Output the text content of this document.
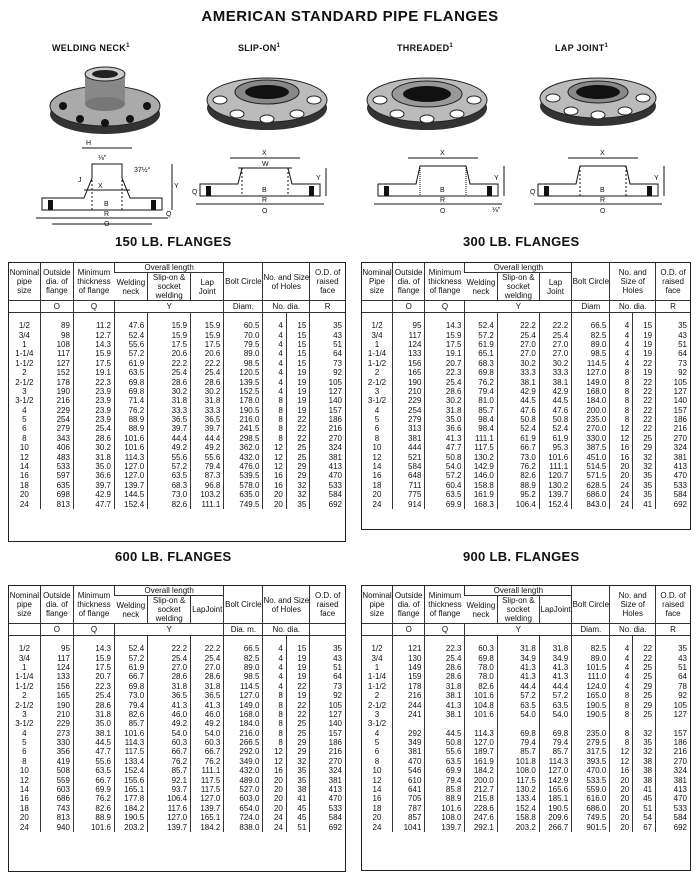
AMERICAN STANDARD PIPE FLANGES
WELDING NECK$^1$	SLIP-$ON^1$	THREADED$^1$	LAP JOINT$^1$
H
⅛"
37½°
Y
X
J
B
R
O
Q
X
W
Y
B
R
O
Q
X
Y
B
R
O	⅛"
X
Y
B
R
O
Q
150 LB. FLANGES	300 LB. FLANGES
600 LB. FLANGES	900 LB. FLANGES
Nominal pipe size	Outside dia. of flange	Minimum thickness of flange	Overall length			Bolt Circle	No. and Size of Holes		O.D. of raised face
			Welding neck	Slip-on & socket welding	Lap Joint				
	O	Q	Y			Diam.	No. dia.		R
1/2	89	11.2	47.6	15.9	15.9	60.5	4	15	35
3/4	98	12.7	52.4	15.9	15.9	70.0	4	15	43
1	108	14.3	55.6	17.5	17.5	79.5	4	15	51
1-1/4	117	15.9	57.2	20.6	20.6	89.0	4	15	64
1-1/2	127	17.5	61.9	22.2	22.2	98.5	4	15	73
2	152	19.1	63.5	25.4	25.4	120.5	4	19	92
2-1/2	178	22.3	69.8	28.6	28.6	139.5	4	19	105
3	190	23.9	69.8	30.2	30.2	152.5	4	19	127
3-1/2	216	23.9	71.4	31.8	31.8	178.0	8	19	140
4	229	23.9	76.2	33.3	33.3	190.5	8	19	157
5	254	23.9	88.9	36.5	36.5	216.0	8	22	186
6	279	25.4	88.9	39.7	39.7	241.5	8	22	216
8	343	28.6	101.6	44.4	44.4	298.5	8	22	270
10	406	30.2	101.6	49.2	49.2	362.0	12	25	324
12	483	31.8	114.3	55.6	55.6	432.0	12	25	381
14	533	35.0	127.0	57.2	79.4	476.0	12	29	413
16	597	36.6	127.0	63.5	87.3	539.5	16	29	470
18	635	39.7	139.7	68.3	96.8	578.0	16	32	533
20	698	42.9	144.5	73.0	103.2	635.0	20	32	584
24	813	47.7	152.4	82.6	111.1	749.5	20	35	692
Nominal Pipe size	Outside dia. of flange	Minimum thickness of flange	Overall length			Bolt Circle	No. and Size of Holes		O.D. of raised face
			Welding neck	Slip-on & socket welding	Lap Joint				
	O	Q	Y			Diam	No. dia.		R
1/2	95	14.3	52.4	22.2	22.2	66.5	4	15	35
3/4	117	15.9	57.2	25.4	25.4	82.5	4	19	43
1	124	17.5	61.9	27.0	27.0	89.0	4	19	51
1-1/4	133	19.1	65.1	27.0	27.0	98.5	4	19	64
1-1/2	156	20.7	68.3	30.2	30.2	114.5	4	22	73
2	165	22.3	69.8	33.3	33.3	127.0	8	19	92
2-1/2	190	25.4	76.2	38.1	38.1	149.0	8	22	105
3	210	28.6	79.4	42.9	42.9	168.0	8	22	127
3-1/2	229	30.2	81.0	44.5	44.5	184.0	8	22	140
4	254	31.8	85.7	47.6	47.6	200.0	8	22	157
5	279	35.0	98.4	50.8	50.8	235.0	8	22	186
6	313	36.6	98.4	52.4	52.4	270.0	12	22	216
8	381	41.3	111.1	61.9	61.9	330.0	12	25	270
10	444	47.7	117.5	66.7	95.3	387.5	16	29	324
12	521	50.8	130.2	73.0	101.6	451.0	16	32	381
14	584	54.0	142.9	76.2	111.1	514.5	20	32	413
16	648	57.2	146.0	82.6	120.7	571.5	20	35	470
18	711	60.4	158.8	88.9	130.2	628.5	24	35	533
20	775	63.5	161.9	95.2	139.7	686.0	24	35	584
24	914	69.9	168.3	106.4	152.4	843.0	24	41	692
Nominal pipe size	Outside dia. of flange	Minimum thickness of flange	Overall length			Bolt Circle	No. and Size of Holes		O.D. of raised face
			Welding neck	Slip-on & socket welding	LapJoint				
	O	Q	Y			Dia. m.	No. dia.		
1/2	95	14.3	52.4	22.2	22.2	66.5	4	15	35
3/4	117	15.9	57.2	25.4	25.4	82.5	4	19	43
1	124	17.5	61.9	27.0	27.0	89.0	4	19	51
1-1/4	133	20.7	66.7	28.6	28.6	98.5	4	19	64
1-1/2	156	22.3	69.8	31.8	31.8	114.5	4	22	73
2	165	25.4	73.0	36.5	36.5	127.0	8	19	92
2-1/2	190	28.6	79.4	41.3	41.3	149.0	8	22	105
3	210	31.8	82.6	46.0	46.0	168.0	8	22	127
3-1/2	229	35.0	85.7	49.2	49.2	184.0	8	25	140
4	273	38.1	101.6	54.0	54.0	216.0	8	25	157
5	330	44.5	114.3	60.3	60.3	266.5	8	29	186
6	356	47.7	117.5	66.7	66.7	292.0	12	29	216
8	419	55.6	133.4	76.2	76.2	349.0	12	32	270
10	508	63.5	152.4	85.7	111.1	432.0	16	35	324
12	559	66.7	155.6	92.1	117.5	489.0	20	35	381
14	603	69.9	165.1	93.7	117.5	527.0	20	38	413
16	686	76.2	177.8	106.4	127.0	603.0	20	41	470
18	743	82.6	184.2	117.6	139.7	654.0	20	45	533
20	813	88.9	190.5	127.0	165.1	724.0	24	45	584
24	940	101.6	203.2	139.7	184.2	838.0	24	51	692
Nominal pipe size	Outside dia. of flange	Minimum thickness of flange	Overall length			Bolt Circle	No. and Size of Holes		O.D. of raised face
			Welding neck	Slip-on & socket welding	LapJoint				
	O	Q	Y			Diam.	No. dia.		R
1/2	121	22.3	60.3	31.8	31.8	82.5	4	22	35
3/4	130	25.4	69.8	34.9	34.9	89.0	4	22	43
1	149	28.6	78.0	41.3	41.3	101.5	4	25	51
1-1/4	159	28.6	78.0	41.3	41.3	111.0	4	25	64
1-1/2	178	31.8	82.6	44.4	44.4	124.0	4	29	78
2	216	38.1	101.6	57.2	57.2	165.0	8	25	92
2-1/2	244	41.3	104.8	63.5	63.5	190.5	8	29	105
3	241	38.1	101.6	54.0	54.0	190.5	8	25	127
3-1/2									
4	292	44.5	114.3	69.8	69.8	235.0	8	32	157
5	349	50.8	127.0	79.4	79.4	279.5	8	35	186
6	381	55.6	189.7	85.7	85.7	317.5	12	32	216
8	470	63.5	161.9	101.8	114.3	393.5	12	38	270
10	546	69.9	184.2	108.0	127.0	470.0	16	38	324
12	610	79.4	200.0	117.5	142.9	533.5	20	38	381
14	641	85.8	212.7	130.2	165.6	559.0	20	41	413
16	705	88.9	215.8	133.4	185.1	616.0	20	45	470
18	787	101.6	228.6	152.4	190.5	686.0	20	51	533
20	857	108.0	247.6	158.8	209.6	749.5	20	54	584
24	1041	139.7	292.1	203.2	266.7	901.5	20	67	692
